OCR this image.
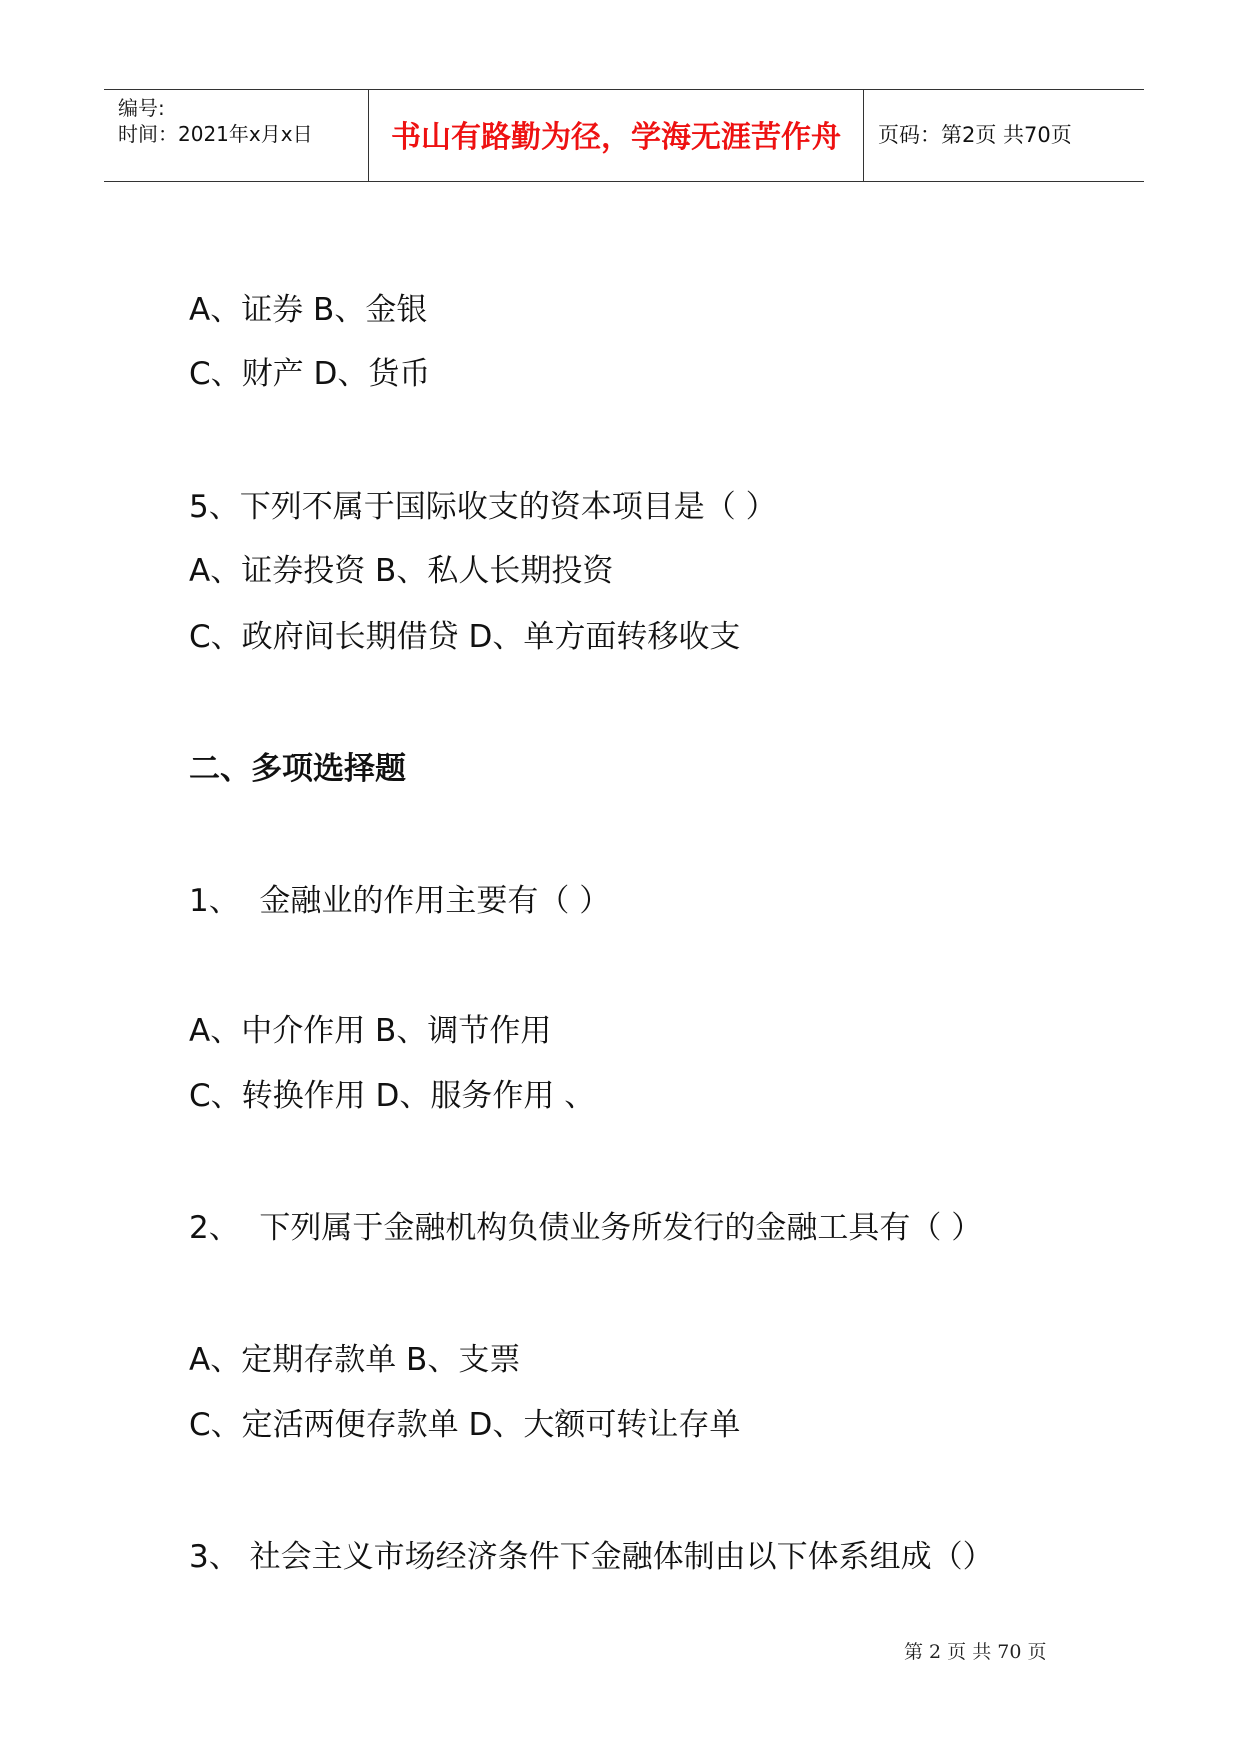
编号:
时间：2021年x月x日	书山有路勤为径，学海无涯苦作舟	页码：第2页 共70页
A、证券 B、金银
C、财产 D、货币
5、下列不属于国际收支的资本项目是（ ）
A、证券投资 B、私人长期投资
C、政府间长期借贷 D、单方面转移收支
二、多项选择题
1、  金融业的作用主要有（ ）
A、中介作用 B、调节作用
C、转换作用 D、服务作用 、
2、  下列属于金融机构负债业务所发行的金融工具有（ ）
A、定期存款单 B、支票
C、定活两便存款单 D、大额可转让存单
3、 社会主义市场经济条件下金融体制由以下体系组成（）
第 2 页 共 70 页
